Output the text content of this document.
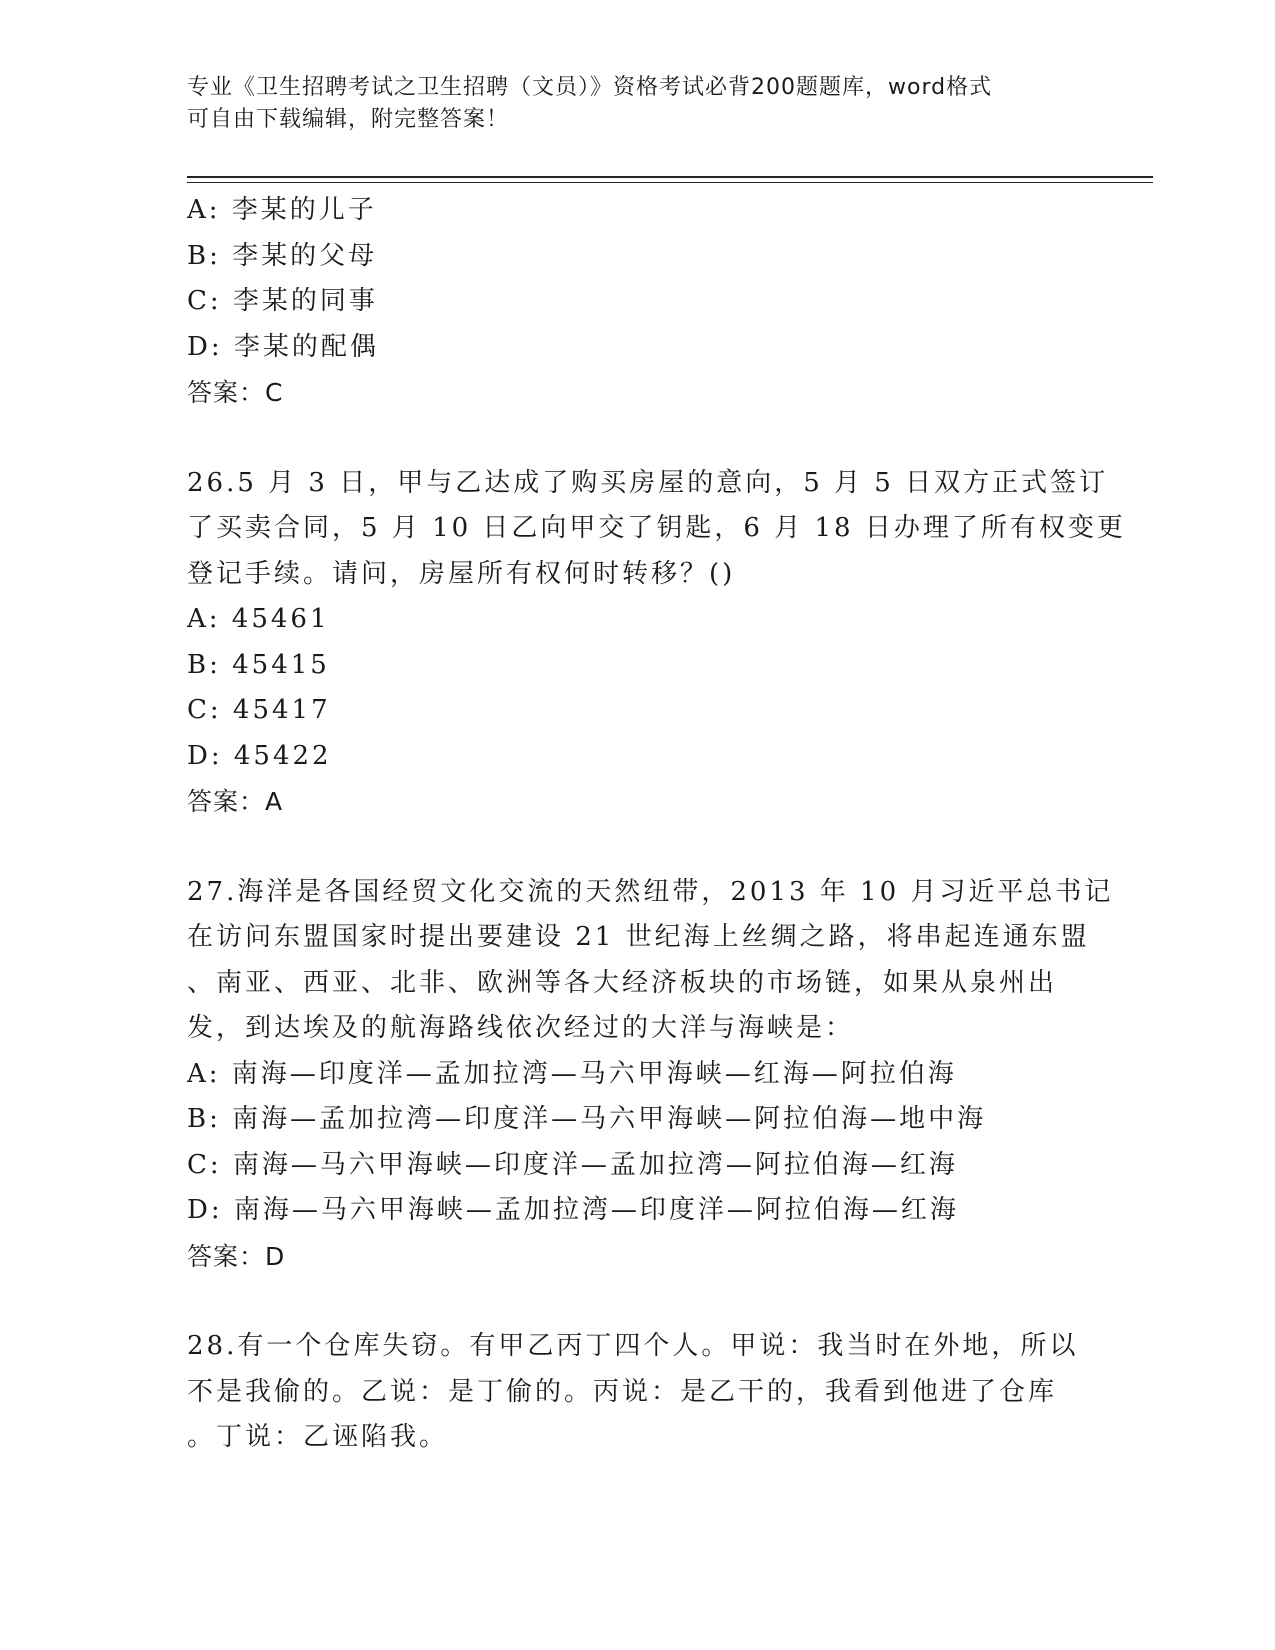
专业《卫生招聘考试之卫生招聘（文员）》资格考试必背200题题库，word格式
可自由下载编辑，附完整答案！
A: 李某的儿子
B: 李某的父母
C: 李某的同事
D: 李某的配偶
答案：C
26.5 月 3 日，甲与乙达成了购买房屋的意向，5 月 5 日双方正式签订
了买卖合同，5 月 10 日乙向甲交了钥匙，6 月 18 日办理了所有权变更
登记手续。请问，房屋所有权何时转移？()
A: 45461
B: 45415
C: 45417
D: 45422
答案：A
27.海洋是各国经贸文化交流的天然纽带，2013 年 10 月习近平总书记
在访问东盟国家时提出要建设 21 世纪海上丝绸之路，将串起连通东盟
、南亚、西亚、北非、欧洲等各大经济板块的市场链，如果从泉州出
发，到达埃及的航海路线依次经过的大洋与海峡是：
A: 南海—印度洋—孟加拉湾—马六甲海峡—红海—阿拉伯海
B: 南海—孟加拉湾—印度洋—马六甲海峡—阿拉伯海—地中海
C: 南海—马六甲海峡—印度洋—孟加拉湾—阿拉伯海—红海
D: 南海—马六甲海峡—孟加拉湾—印度洋—阿拉伯海—红海
答案：D
28.有一个仓库失窃。有甲乙丙丁四个人。甲说：我当时在外地，所以
不是我偷的。乙说：是丁偷的。丙说：是乙干的，我看到他进了仓库
。丁说：乙诬陷我。
